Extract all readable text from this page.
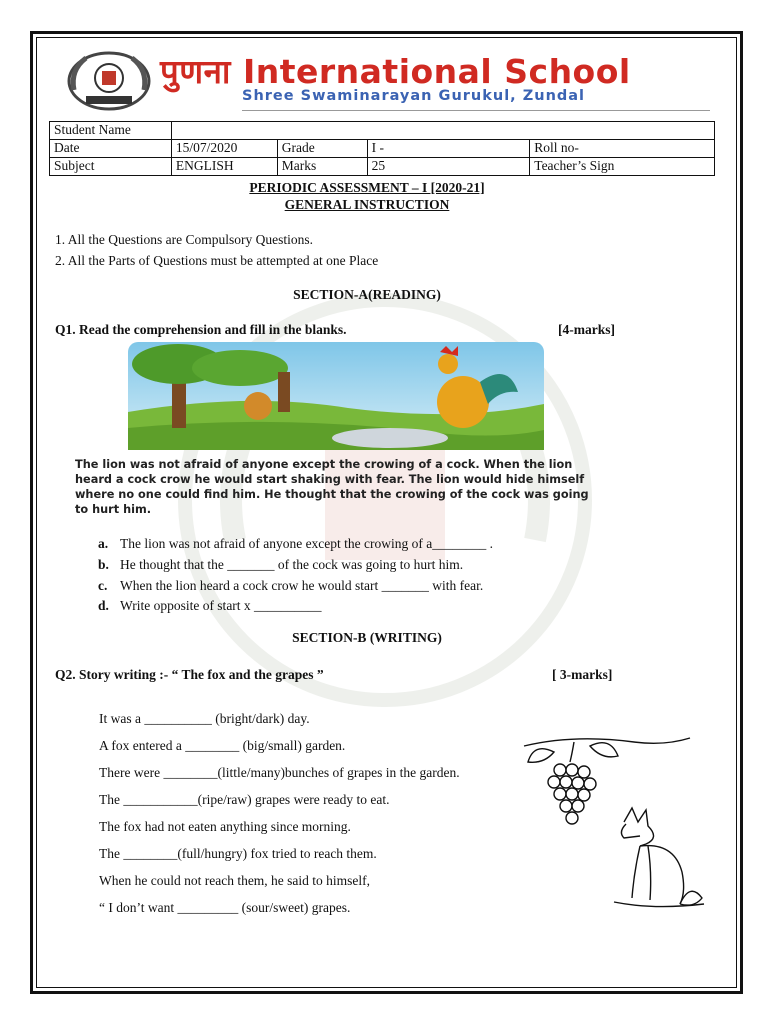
पुणना International School
Shree Swaminarayan Gurukul, Zundal
Student Name				
Date	15/07/2020	Grade	I -	Roll no-
Subject	ENGLISH	Marks	25	Teacher’s Sign
PERIODIC ASSESSMENT – I [2020-21]
GENERAL INSTRUCTION
1. All the Questions are Compulsory Questions.
2. All the Parts of Questions must be attempted at one Place
SECTION-A(READING)
Q1. Read the comprehension and fill in the blanks.	[4-marks]
The lion was not afraid of anyone except the crowing of a cock. When the lion heard a cock crow he would start shaking with fear. The lion would hide himself where no one could find him. He thought that the crowing of the cock was going to hurt him.
a. The lion was not afraid of anyone except the crowing of a________ .
b. He thought that the _______ of the cock was going to hurt him.
c. When the lion heard a cock crow he would start _______ with fear.
d. Write opposite of start x __________
SECTION-B (WRITING)
Q2. Story writing :- “ The fox and the grapes ”	[ 3-marks]
It was a __________ (bright/dark) day.
A fox entered a ________ (big/small) garden.
There were ________(little/many)bunches of grapes in the garden.
The ___________(ripe/raw) grapes were ready to eat.
The fox had not eaten anything since morning.
The ________(full/hungry) fox tried to reach them.
When he could not reach them, he said to himself,
“ I don’t want _________ (sour/sweet) grapes.
